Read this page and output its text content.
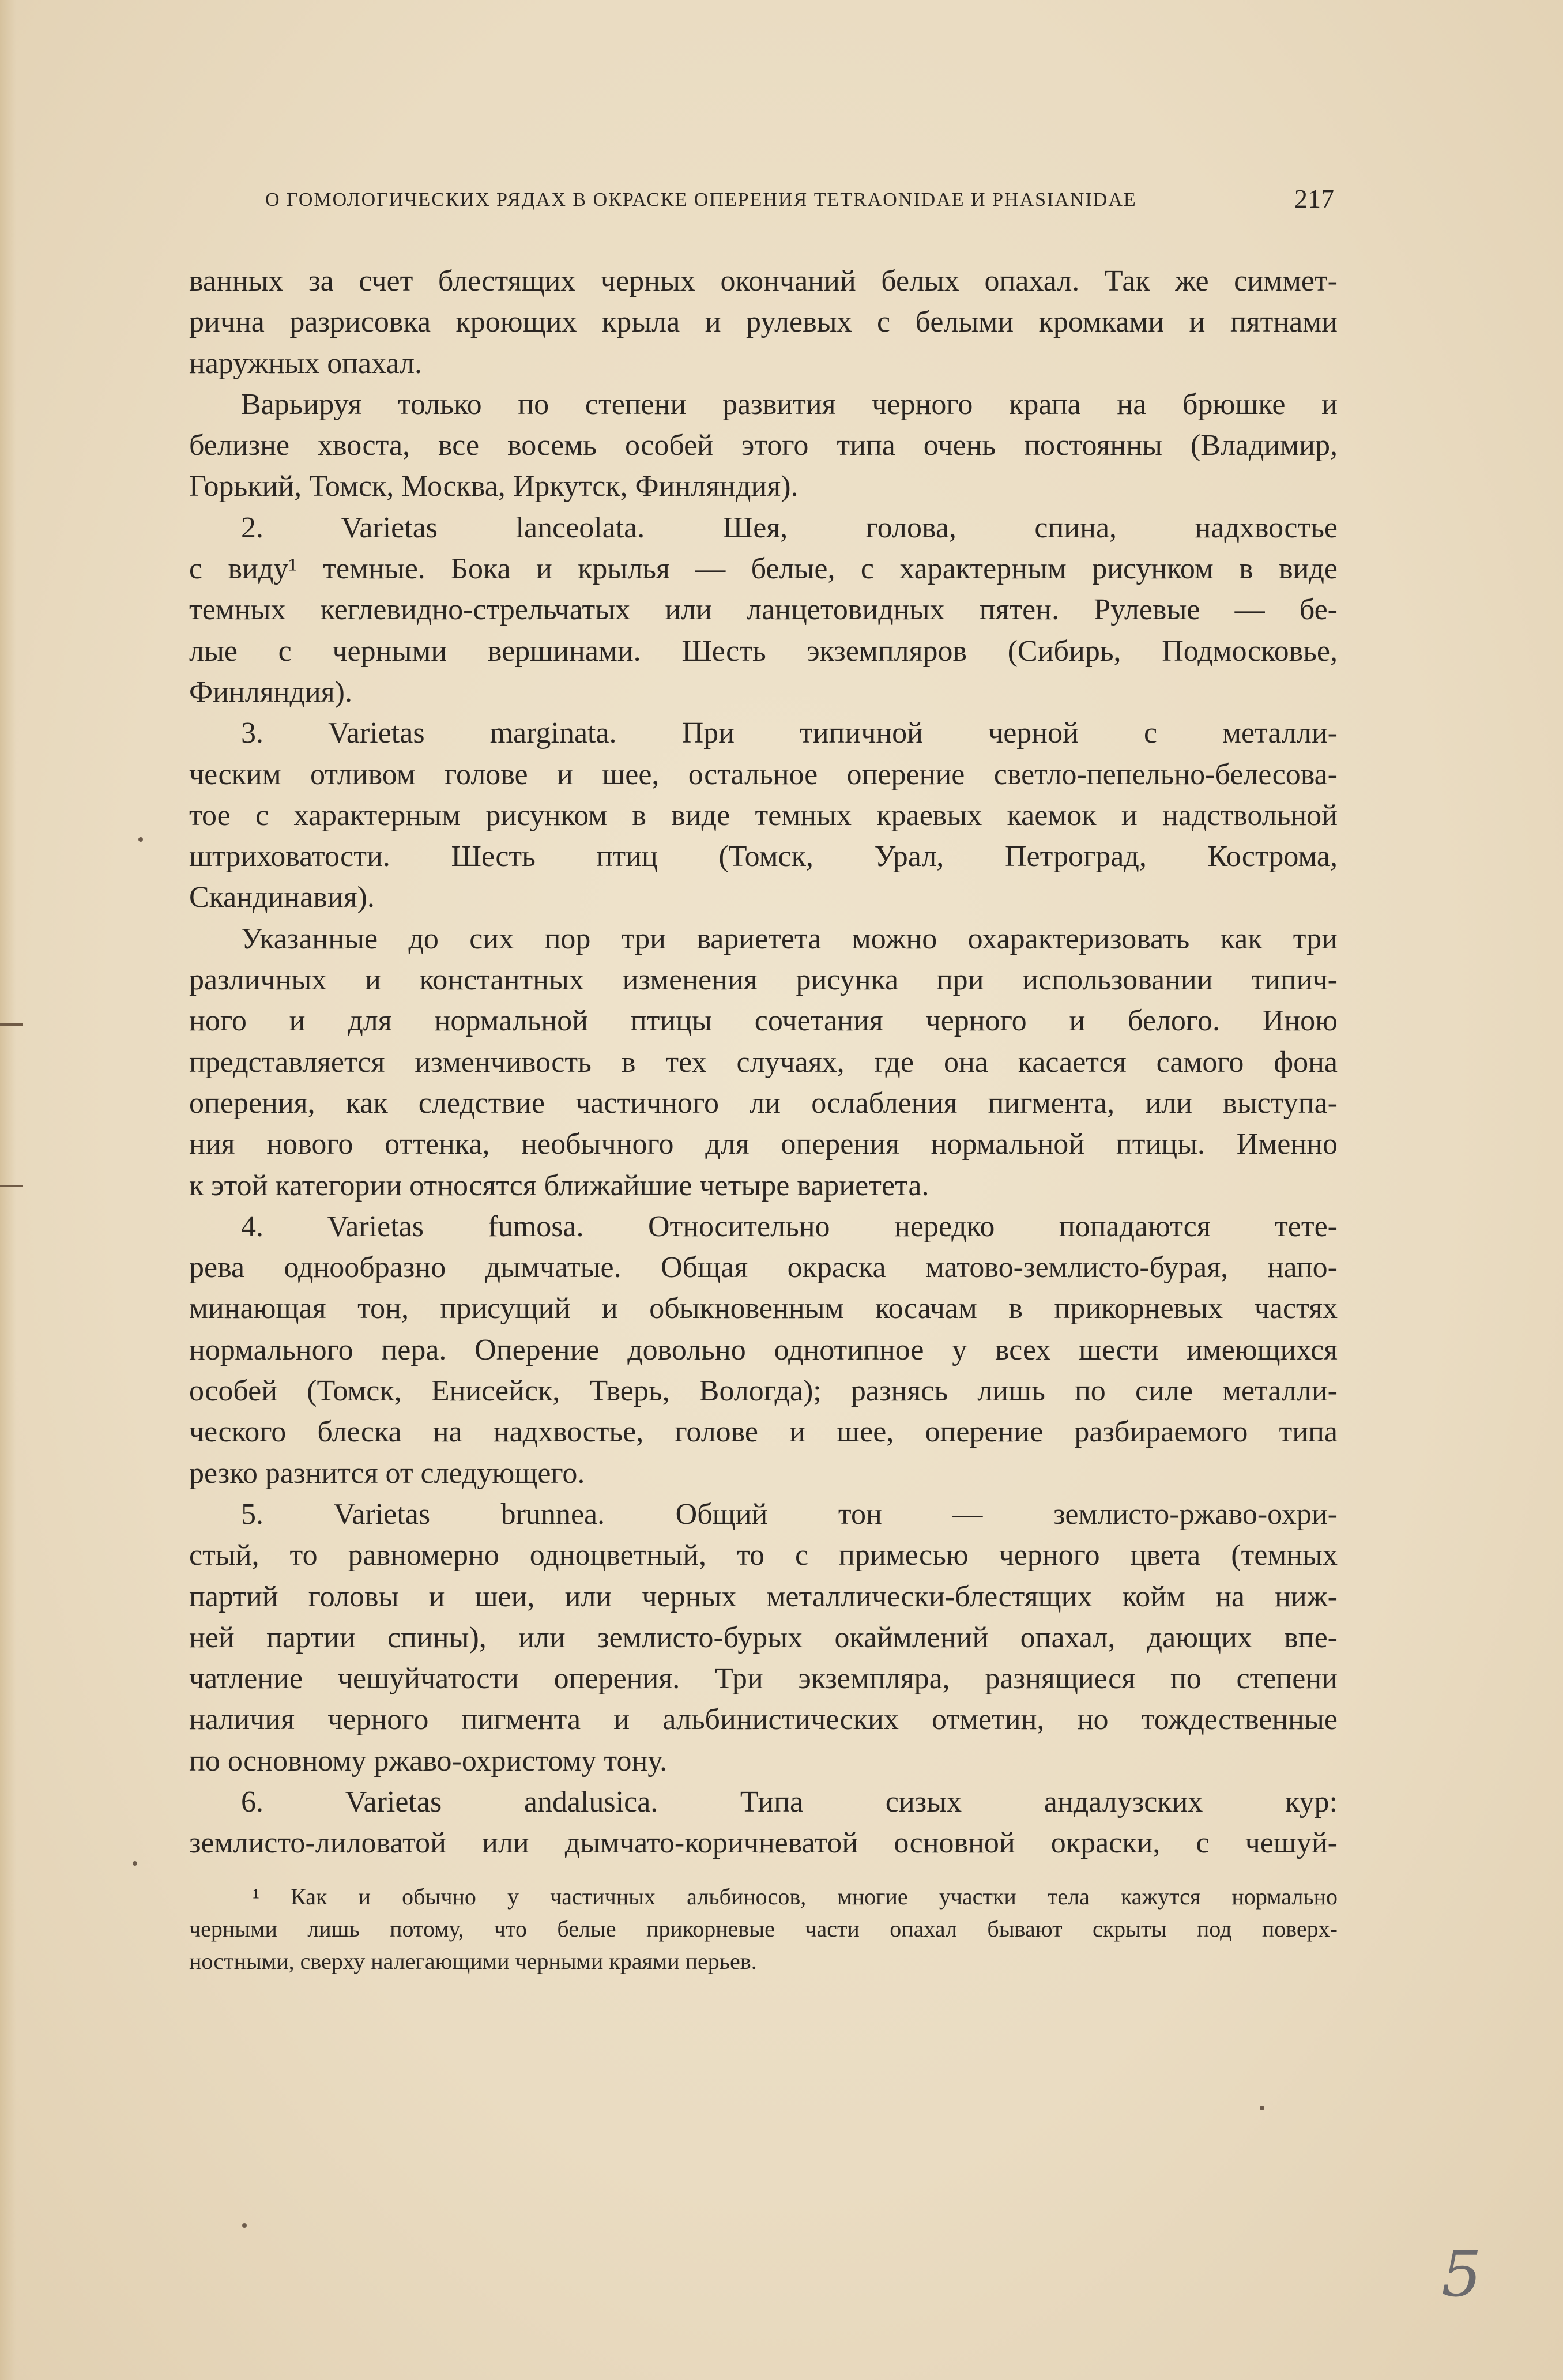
О ГОМОЛОГИЧЕСКИХ РЯДАХ В ОКРАСКЕ ОПЕРЕНИЯ TETRAONIDAE И PHASIANIDAE	217
ванных за счет блестящих черных окончаний белых опахал. Так же симмет-
рична разрисовка кроющих крыла и рулевых с белыми кромками и пятнами
наружных опахал.
Варьируя только по степени развития черного крапа на брюшке и
белизне хвоста, все восемь особей этого типа очень постоянны (Владимир,
Горький, Томск, Москва, Иркутск, Финляндия).
2. Varietas lanceolata. Шея, голова, спина, надхвостье
с виду¹ темные. Бока и крылья — белые, с характерным рисунком в виде
темных кеглевидно-стрельчатых или ланцетовидных пятен. Рулевые — бе-
лые с черными вершинами. Шесть экземпляров (Сибирь, Подмосковье,
Финляндия).
3. Varietas marginata. При типичной черной с металли-
ческим отливом голове и шее, остальное оперение светло-пепельно-белесова-
тое с характерным рисунком в виде темных краевых каемок и надствольной
штриховатости. Шесть птиц (Томск, Урал, Петроград, Кострома,
Скандинавия).
Указанные до сих пор три вариетета можно охарактеризовать как три
различных и константных изменения рисунка при использовании типич-
ного и для нормальной птицы сочетания черного и белого. Иною
представляется изменчивость в тех случаях, где она касается самого фона
оперения, как следствие частичного ли ослабления пигмента, или выступа-
ния нового оттенка, необычного для оперения нормальной птицы. Именно
к этой категории относятся ближайшие четыре вариетета.
4. Varietas fumosa. Относительно нередко попадаются тете-
рева однообразно дымчатые. Общая окраска матово-землисто-бурая, напо-
минающая тон, присущий и обыкновенным косачам в прикорневых частях
нормального пера. Оперение довольно однотипное у всех шести имеющихся
особей (Томск, Енисейск, Тверь, Вологда); разнясь лишь по силе металли-
ческого блеска на надхвостье, голове и шее, оперение разбираемого типа
резко разнится от следующего.
5. Varietas brunnea. Общий тон — землисто-ржаво-охри-
стый, то равномерно одноцветный, то с примесью черного цвета (темных
партий головы и шеи, или черных металлически-блестящих койм на ниж-
ней партии спины), или землисто-бурых окаймлений опахал, дающих впе-
чатление чешуйчатости оперения. Три экземпляра, разнящиеся по степени
наличия черного пигмента и альбинистических отметин, но тождественные
по основному ржаво-охристому тону.
6. Varietas andalusica. Типа сизых андалузских кур:
землисто-лиловатой или дымчато-коричневатой основной окраски, с чешуй-
¹ Как и обычно у частичных альбиносов, многие участки тела кажутся нормально
черными лишь потому, что белые прикорневые части опахал бывают скрыты под поверх-
ностными, сверху налегающими черными краями перьев.
5
